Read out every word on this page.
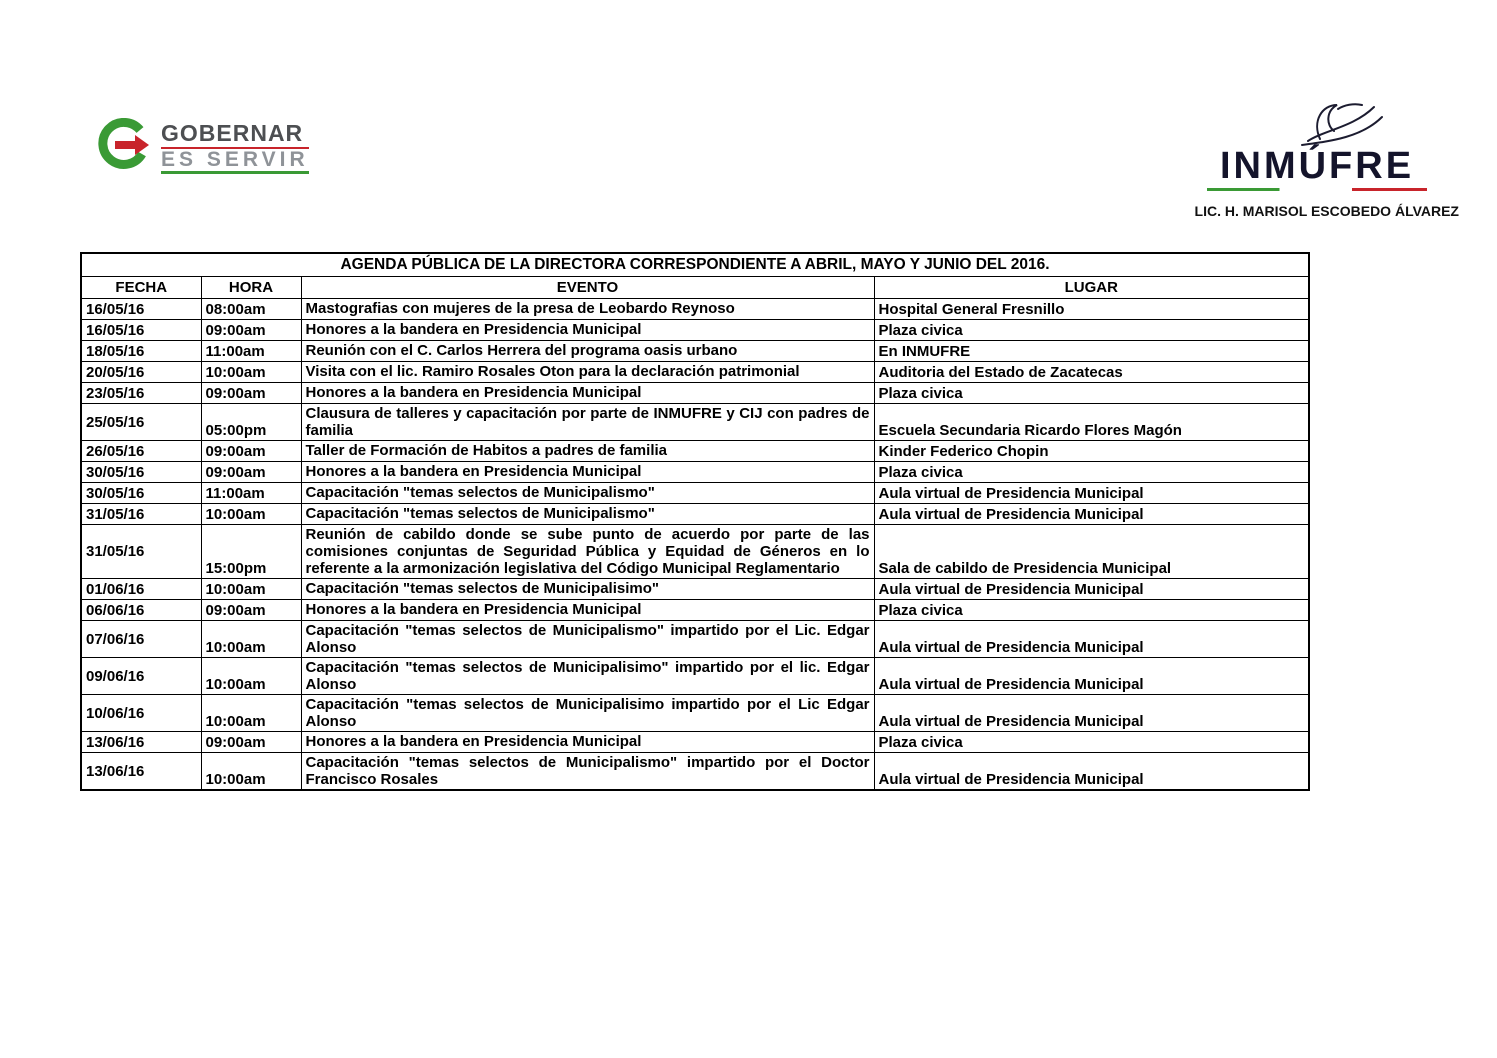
GOBERNAR
ES SERVIR	INMÚFRE
LIC. H. MARISOL ESCOBEDO ÁLVAREZ
AGENDA PÚBLICA DE LA DIRECTORA CORRESPONDIENTE A ABRIL, MAYO Y JUNIO DEL 2016.			
FECHA	HORA	EVENTO	LUGAR
16/05/16	08:00am	Mastografias con mujeres de la presa de Leobardo Reynoso	Hospital General Fresnillo
16/05/16	09:00am	Honores a la bandera en Presidencia Municipal	Plaza civica
18/05/16	11:00am	Reunión con el C. Carlos Herrera del programa oasis urbano	En INMUFRE
20/05/16	10:00am	Visita con el lic. Ramiro Rosales Oton para la declaración patrimonial	Auditoria del Estado de Zacatecas
23/05/16	09:00am	Honores a la bandera en Presidencia Municipal	Plaza civica
25/05/16	05:00pm	Clausura de talleres y capacitación por parte de INMUFRE y CIJ con padres de familia	Escuela Secundaria Ricardo Flores Magón
26/05/16	09:00am	Taller de Formación de Habitos a padres de familia	Kinder Federico Chopin
30/05/16	09:00am	Honores a la bandera en Presidencia Municipal	Plaza civica
30/05/16	11:00am	Capacitación "temas selectos de Municipalismo"	Aula virtual de Presidencia Municipal
31/05/16	10:00am	Capacitación "temas selectos de Municipalismo"	Aula virtual de Presidencia Municipal
31/05/16	15:00pm	Reunión de cabildo donde se sube punto de acuerdo por parte de las comisiones conjuntas de Seguridad Pública y Equidad de Géneros en lo referente a la armonización legislativa del Código Municipal Reglamentario	Sala de cabildo de Presidencia Municipal
01/06/16	10:00am	Capacitación "temas selectos de Municipalisimo"	Aula virtual de Presidencia Municipal
06/06/16	09:00am	Honores a la bandera en Presidencia Municipal	Plaza civica
07/06/16	10:00am	Capacitación "temas selectos de Municipalismo" impartido por el Lic. Edgar Alonso	Aula virtual de Presidencia Municipal
09/06/16	10:00am	Capacitación "temas selectos de Municipalisimo" impartido por el lic. Edgar Alonso	Aula virtual de Presidencia Municipal
10/06/16	10:00am	Capacitación "temas selectos de Municipalisimo impartido por el Lic Edgar Alonso	Aula virtual de Presidencia Municipal
13/06/16	09:00am	Honores a la bandera en Presidencia Municipal	Plaza civica
13/06/16	10:00am	Capacitación "temas selectos de Municipalismo" impartido por el Doctor Francisco Rosales	Aula virtual de Presidencia Municipal
